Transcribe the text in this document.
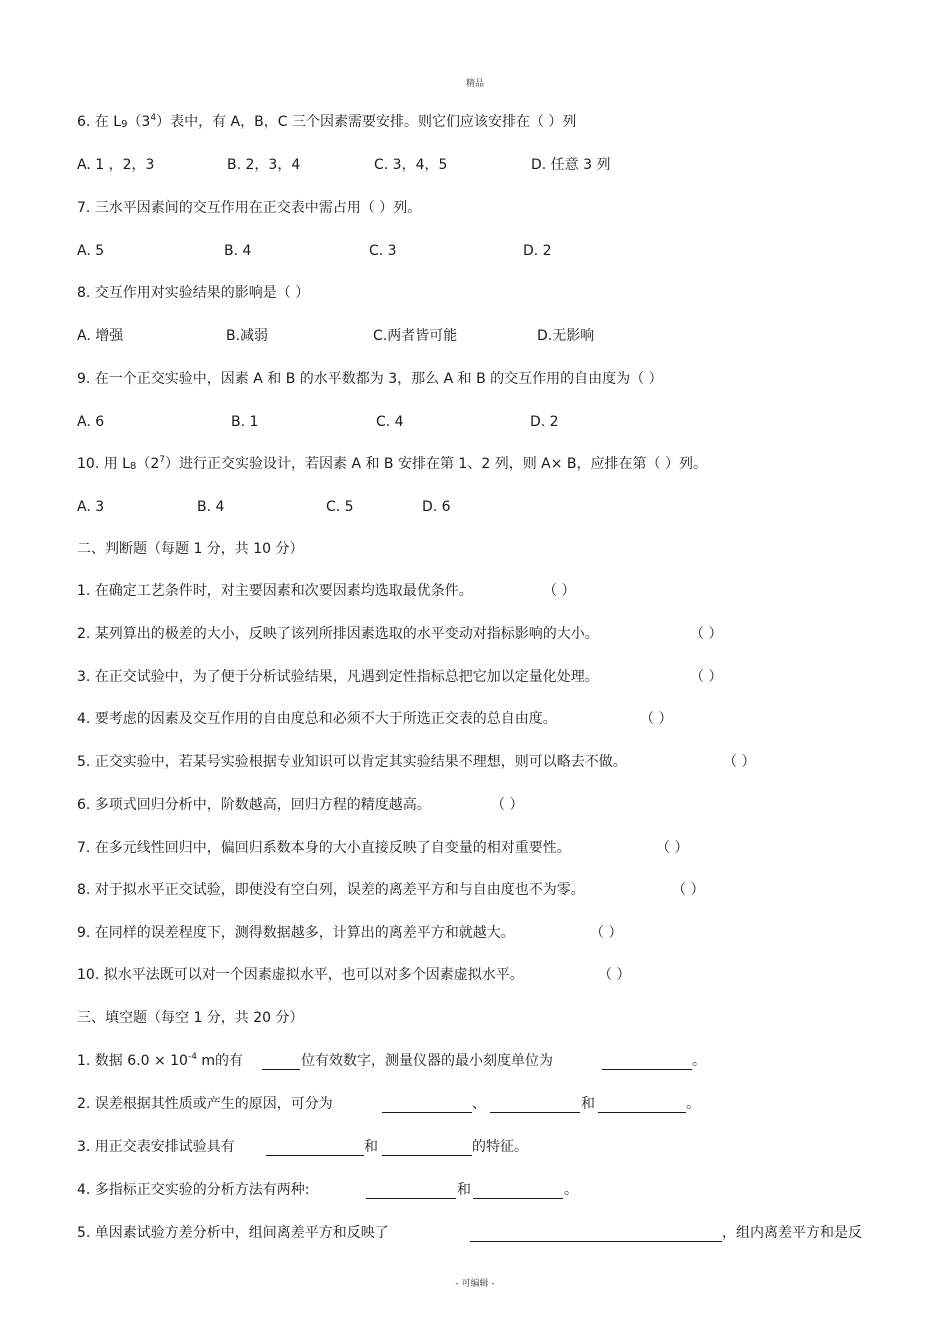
精品
6. 在 $L_9(3^4)$表中，有 A，B，C 三个因素需要安排。则它们应该安排在（ ）列
A. 1 ，2，3	B. 2，3，4	C. 3，4，5	D. 任意 3 列
7. 三水平因素间的交互作用在正交表中需占用（ ）列。
A. 5	B. 4	C. 3	D. 2
8. 交互作用对实验结果的影响是（ ）
A. 增强	B.减弱	C.两者皆可能	D.无影响
9. 在一个正交实验中，因素 A 和 B 的水平数都为 3，那么 A 和 B 的交互作用的自由度为（ ）
A. 6	B. 1	C. 4	D. 2
10. 用 $L_8(2^7)$进行正交实验设计，若因素 A 和 B 安排在第 1、2 列，则 A× B，应排在第（ ）列。
A. 3	B. 4	C. 5	D. 6
二、判断题（每题 1 分，共 10 分）
1. 在确定工艺条件时，对主要因素和次要因素均选取最优条件。	（ ）
2. 某列算出的极差的大小，反映了该列所排因素选取的水平变动对指标影响的大小。	（ ）
3. 在正交试验中，为了便于分析试验结果，凡遇到定性指标总把它加以定量化处理。	（ ）
4. 要考虑的因素及交互作用的自由度总和必须不大于所选正交表的总自由度。	（ ）
5. 正交实验中，若某号实验根据专业知识可以肯定其实验结果不理想，则可以略去不做。	（ ）
6. 多项式回归分析中，阶数越高，回归方程的精度越高。	（ ）
7. 在多元线性回归中，偏回归系数本身的大小直接反映了自变量的相对重要性。	（ ）
8. 对于拟水平正交试验，即使没有空白列，误差的离差平方和与自由度也不为零。	（ ）
9. 在同样的误差程度下，测得数据越多，计算出的离差平方和就越大。	（ ）
10. 拟水平法既可以对一个因素虚拟水平，也可以对多个因素虚拟水平。	（ ）
三、填空题（每空 1 分，共 20 分）
1. 数据 $6.0 \times 10^{-4}$ m的有	位有效数字，测量仪器的最小刻度单位为	。
2. 误差根据其性质或产生的原因，可分为	、	和	。
3. 用正交表安排试验具有	和	的特征。
4. 多指标正交实验的分析方法有两种:	和	。
5. 单因素试验方差分析中，组间离差平方和反映了	，组内离差平方和是反
- 可编辑 -
